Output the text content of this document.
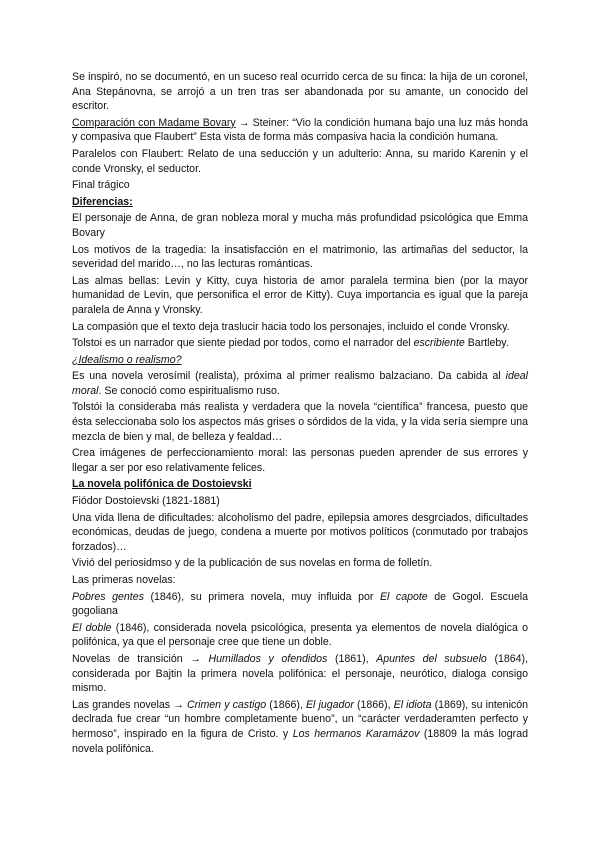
Se inspiró, no se documentó, en un suceso real ocurrido cerca de su finca: la hija de un coronel, Ana Stepánovna, se arrojó a un tren tras ser abandonada por su amante, un conocido del escritor.

Comparación con Madame Bovary → Steiner: “Vio la condición humana bajo una luz más honda y compasiva que Flaubert” Esta vista de forma más compasiva hacia la condición humana.

Paralelos con Flaubert: Relato de una seducción y un adulterio: Anna, su marido Karenin y el conde Vronsky, el seductor.

Final trágico

Diferencias:

El personaje de Anna, de gran nobleza moral y mucha más profundidad psicológica que Emma Bovary

Los motivos de la tragedia: la insatisfacción en el matrimonio, las artimañas del seductor, la severidad del marido…, no las lecturas románticas.

Las almas bellas: Levin y Kitty, cuya historia de amor paralela termina bien (por la mayor humanidad de Levin, que personifica el error de Kitty). Cuya importancia es igual que la pareja paralela de Anna y Vronsky.

La compasión que el texto deja traslucir hacia todo los personajes, incluido el conde Vronsky.

Tolstoi es un narrador que siente piedad por todos, como el narrador del escribiente Bartleby.

¿Idealismo o realismo?

Es una novela verosímil (realista), próxima al primer realismo balzaciano. Da cabida al ideal moral. Se conoció como espiritualismo ruso.

Tolstói la consideraba más realista y verdadera que la novela “científica” francesa, puesto que ésta seleccionaba solo los aspectos más grises o sórdidos de la vida, y la vida sería siempre una mezcla de bien y mal, de belleza y fealdad…

Crea imágenes de perfeccionamiento moral: las personas pueden aprender de sus errores y llegar a ser por eso relativamente felices.

La novela polifónica de Dostoievski

Fiódor Dostoievski (1821-1881)

Una vida llena de dificultades: alcoholismo del padre, epilepsia amores desgrciados, dificultades económicas, deudas de juego, condena a muerte por motivos políticos (conmutado por trabajos forzados)…

Vivió del periosidmso y de la publicación de sus novelas en forma de folletín.

Las primeras novelas:

Pobres gentes (1846), su primera novela, muy influida por El capote de Gogol. Escuela gogoliana

El doble (1846), considerada novela psicológica, presenta ya elementos de novela dialógica o polifónica, ya que el personaje cree que tiene un doble.

Novelas de transición → Humillados y ofendidos (1861), Apuntes del subsuelo (1864), considerada por Bajtin la primera novela polifónica: el personaje, neurótico, dialoga consigo mismo.

Las grandes novelas → Crimen y castigo (1866), El jugador (1866), El idiota (1869), su intenicón declrada fue crear “un hombre completamente bueno”, un “carácter verdaderamten perfecto y hermoso”, inspirado en la figura de Cristo. y Los hermanos Karamázov (18809 la más lograd novela polifónica.
